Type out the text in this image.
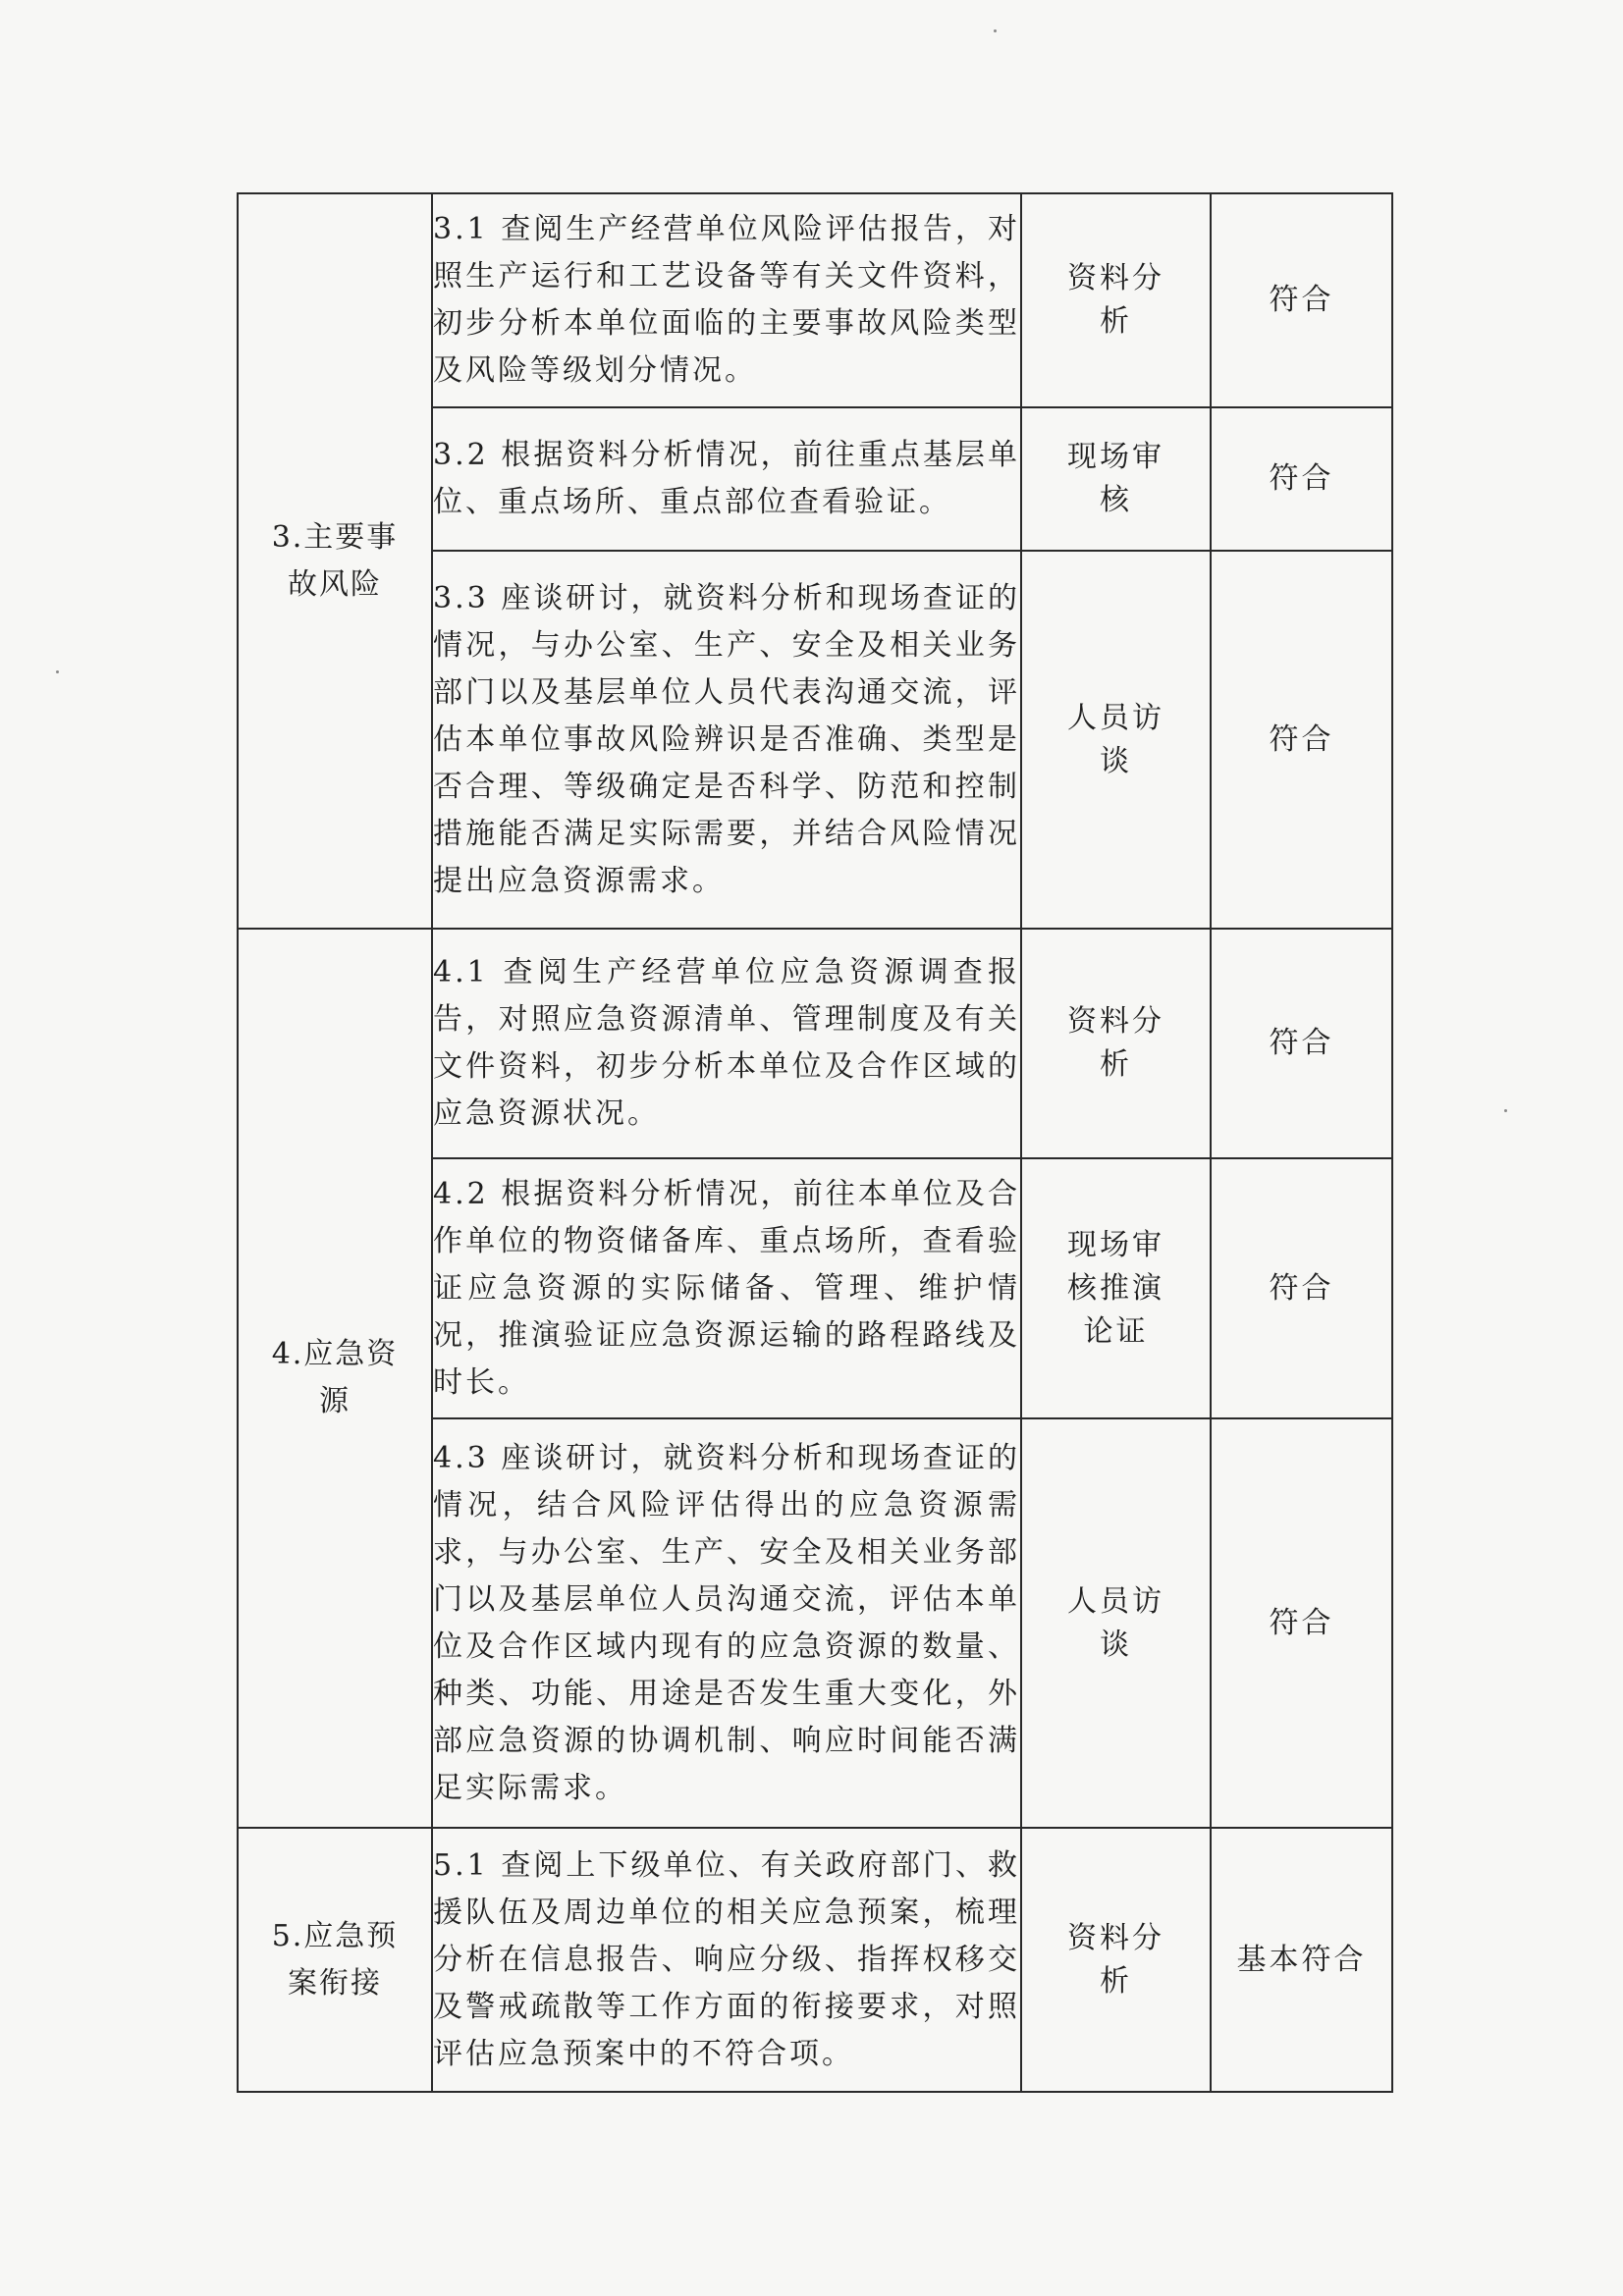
3.主要事故风险	3.1 查阅生产经营单位风险评估报告，对照生产运行和工艺设备等有关文件资料，初步分析本单位面临的主要事故风险类型及风险等级划分情况。	资料分析	符合
	3.2 根据资料分析情况，前往重点基层单位、重点场所、重点部位查看验证。	现场审核	符合
	3.3 座谈研讨，就资料分析和现场查证的情况，与办公室、生产、安全及相关业务部门以及基层单位人员代表沟通交流，评估本单位事故风险辨识是否准确、类型是否合理、等级确定是否科学、防范和控制措施能否满足实际需要，并结合风险情况提出应急资源需求。	人员访谈	符合
4.应急资源	4.1 查阅生产经营单位应急资源调查报告，对照应急资源清单、管理制度及有关文件资料，初步分析本单位及合作区域的应急资源状况。	资料分析	符合
	4.2 根据资料分析情况，前往本单位及合作单位的物资储备库、重点场所，查看验证应急资源的实际储备、管理、维护情况，推演验证应急资源运输的路程路线及时长。	现场审核推演论证	符合
	4.3 座谈研讨，就资料分析和现场查证的情况，结合风险评估得出的应急资源需求，与办公室、生产、安全及相关业务部门以及基层单位人员沟通交流，评估本单位及合作区域内现有的应急资源的数量、种类、功能、用途是否发生重大变化，外部应急资源的协调机制、响应时间能否满足实际需求。	人员访谈	符合
5.应急预案衔接	5.1 查阅上下级单位、有关政府部门、救援队伍及周边单位的相关应急预案，梳理分析在信息报告、响应分级、指挥权移交及警戒疏散等工作方面的衔接要求，对照评估应急预案中的不符合项。	资料分析	基本符合
